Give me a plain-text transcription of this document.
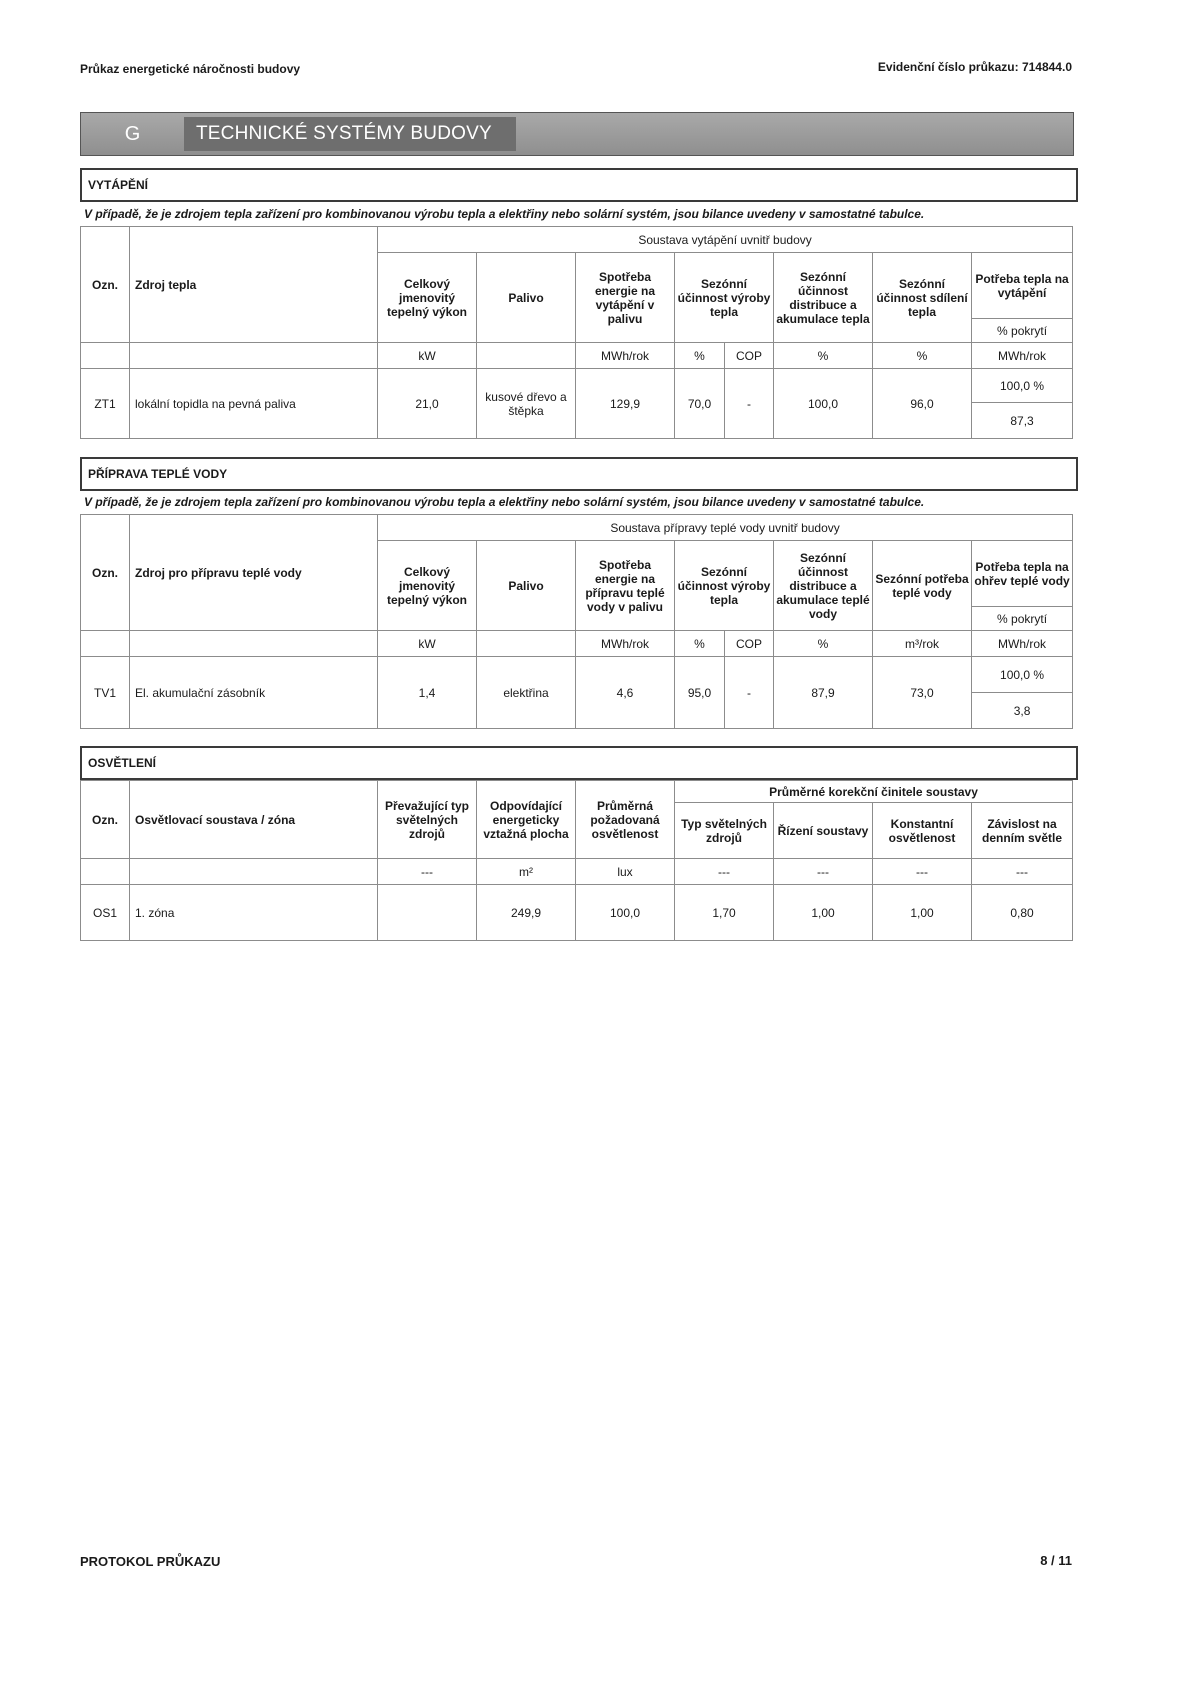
Průkaz energetické náročnosti budovy	Evidenční číslo průkazu: 714844.0
G	TECHNICKÉ SYSTÉMY BUDOVY
VYTÁPĚNÍ
V případě, že je zdrojem tepla zařízení pro kombinovanou výrobu tepla a elektřiny nebo solární systém, jsou bilance uvedeny v samostatné tabulce.
Ozn.	Zdroj tepla	Soustava vytápění uvnitř budovy							
		Celkový jmenovitý tepelný výkon	Palivo	Spotřeba energie na vytápění v palivu	Sezónní účinnost výroby tepla		Sezónní účinnost distribuce a akumulace tepla	Sezónní účinnost sdílení tepla	Potřeba tepla na vytápění
									% pokrytí
		kW		MWh/rok	%	COP	%	%	MWh/rok
ZT1	lokální topidla na pevná paliva	21,0	kusové dřevo a štěpka	129,9	70,0	-	100,0	96,0	100,0 %
									87,3
PŘÍPRAVA TEPLÉ VODY
V případě, že je zdrojem tepla zařízení pro kombinovanou výrobu tepla a elektřiny nebo solární systém, jsou bilance uvedeny v samostatné tabulce.
Ozn.	Zdroj pro přípravu teplé vody	Soustava přípravy teplé vody uvnitř budovy							
		Celkový jmenovitý tepelný výkon	Palivo	Spotřeba energie na přípravu teplé vody v palivu	Sezónní účinnost výroby tepla		Sezónní účinnost distribuce a akumulace teplé vody	Sezónní potřeba teplé vody	Potřeba tepla na ohřev teplé vody
									% pokrytí
		kW		MWh/rok	%	COP	%	m³/rok	MWh/rok
TV1	El. akumulační zásobník	1,4	elektřina	4,6	95,0	-	87,9	73,0	100,0 %
									3,8
OSVĚTLENÍ
Ozn.	Osvětlovací soustava / zóna	Převažující typ světelných zdrojů	Odpovídající energeticky vztažná plocha	Průměrná požadovaná osvětlenost	Průměrné korekční činitele soustavy			
					Typ světelných zdrojů	Řízení soustavy	Konstantní osvětlenost	Závislost na denním světle
		---	m²	lux	---	---	---	---
OS1	1. zóna		249,9	100,0	1,70	1,00	1,00	0,80
PROTOKOL PRŮKAZU	8 / 11
